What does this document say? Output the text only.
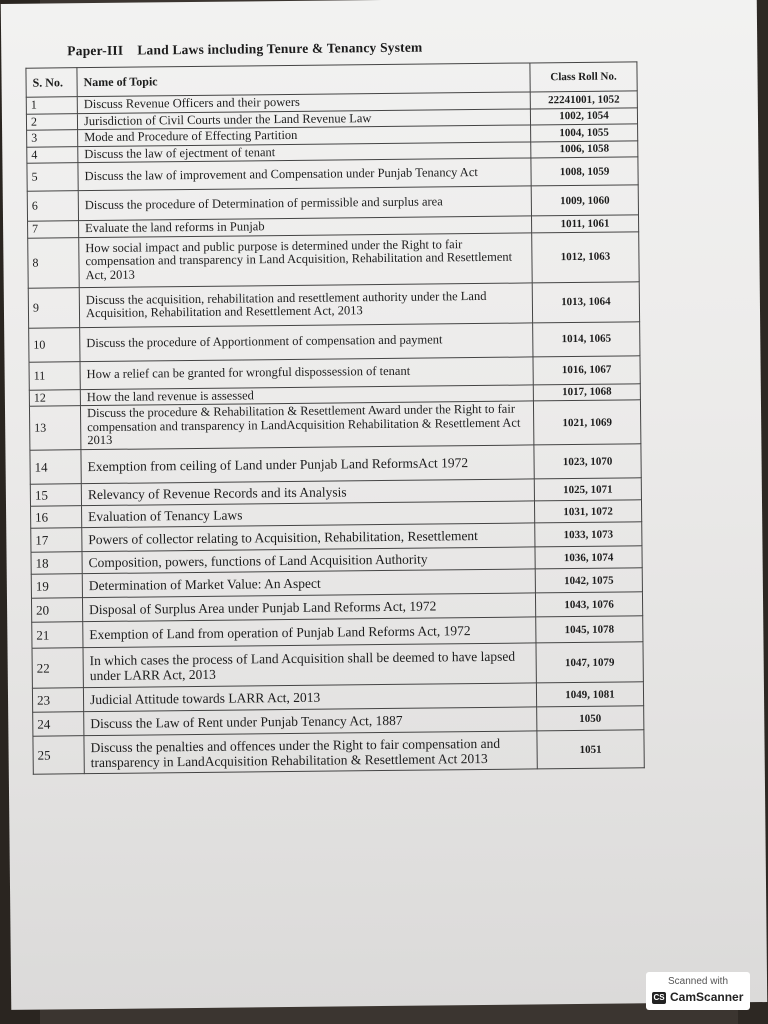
Paper-III Land Laws including Tenure & Tenancy System
S. No.	Name of Topic	Class Roll No.
1	Discuss Revenue Officers and their powers	22241001, 1052
2	Jurisdiction of Civil Courts under the Land Revenue Law	1002, 1054
3	Mode and Procedure of Effecting Partition	1004, 1055
4	Discuss the law of ejectment of tenant	1006, 1058
5	Discuss the law of improvement and Compensation under Punjab Tenancy Act	1008, 1059
6	Discuss the procedure of Determination of permissible and surplus area	1009, 1060
7	Evaluate the land reforms in Punjab	1011, 1061
8	How social impact and public purpose is determined under the Right to fair compensation and transparency in Land Acquisition, Rehabilitation and Resettlement Act, 2013	1012, 1063
9	Discuss the acquisition, rehabilitation and resettlement authority under the Land Acquisition, Rehabilitation and Resettlement Act, 2013	1013, 1064
10	Discuss the procedure of Apportionment of compensation and payment	1014, 1065
11	How a relief can be granted for wrongful dispossession of tenant	1016, 1067
12	How the land revenue is assessed	1017, 1068
13	Discuss the procedure & Rehabilitation & Resettlement Award under the Right to fair compensation and transparency in LandAcquisition Rehabilitation & Resettlement Act 2013	1021, 1069
14	Exemption from ceiling of Land under Punjab Land ReformsAct 1972	1023, 1070
15	Relevancy of Revenue Records and its Analysis	1025, 1071
16	Evaluation of Tenancy Laws	1031, 1072
17	Powers of collector relating to Acquisition, Rehabilitation, Resettlement	1033, 1073
18	Composition, powers, functions of Land Acquisition Authority	1036, 1074
19	Determination of Market Value: An Aspect	1042, 1075
20	Disposal of Surplus Area under Punjab Land Reforms Act, 1972	1043, 1076
21	Exemption of Land from operation of Punjab Land Reforms Act, 1972	1045, 1078
22	In which cases the process of Land Acquisition shall be deemed to have lapsed under LARR Act, 2013	1047, 1079
23	Judicial Attitude towards LARR Act, 2013	1049, 1081
24	Discuss the Law of Rent under Punjab Tenancy Act, 1887	1050
25	Discuss the penalties and offences under the Right to fair compensation and transparency in LandAcquisition Rehabilitation & Resettlement Act 2013	1051
Scanned with
CS CamScanner
